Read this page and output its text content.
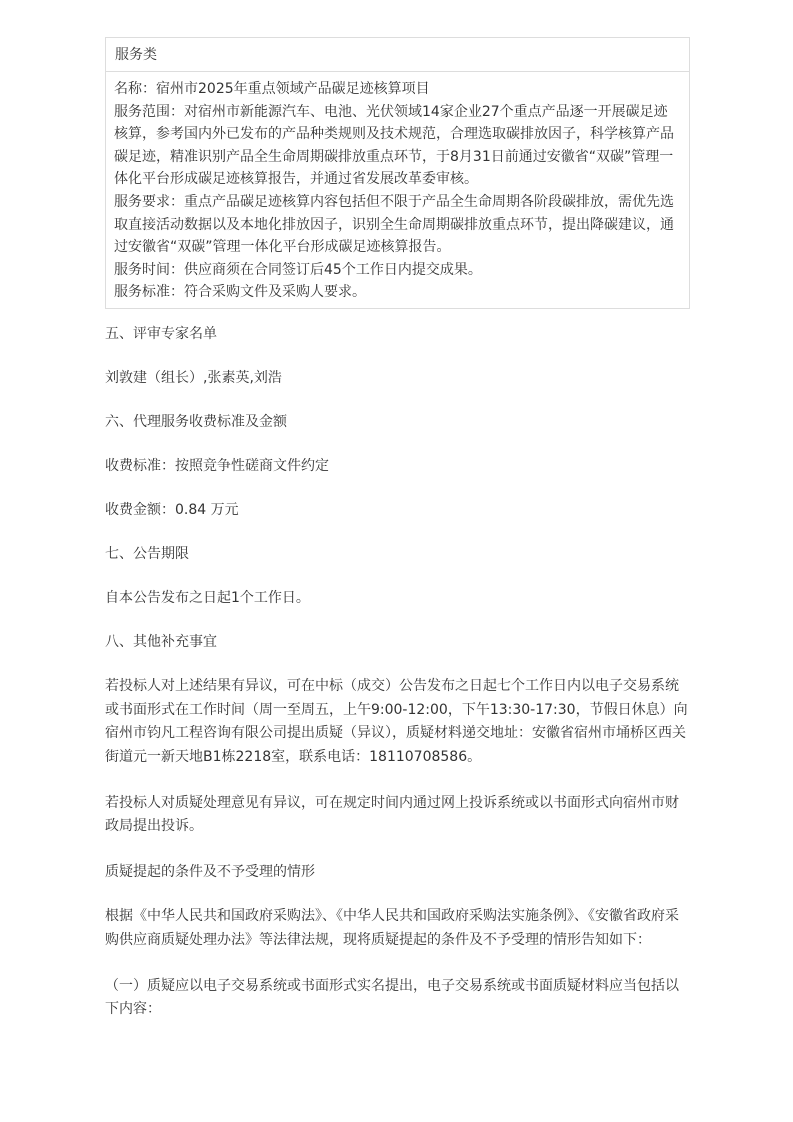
服务类

名称：宿州市2025年重点领域产品碳足迹核算项目

服务范围：对宿州市新能源汽车、电池、光伏领域14家企业27个重点产品逐一开展碳足迹核算，参考国内外已发布的产品种类规则及技术规范，合理选取碳排放因子，科学核算产品碳足迹，精准识别产品全生命周期碳排放重点环节，于8月31日前通过安徽省“双碳”管理一体化平台形成碳足迹核算报告，并通过省发展改革委审核。

服务要求：重点产品碳足迹核算内容包括但不限于产品全生命周期各阶段碳排放，需优先选取直接活动数据以及本地化排放因子，识别全生命周期碳排放重点环节，提出降碳建议，通过安徽省“双碳”管理一体化平台形成碳足迹核算报告。

服务时间：供应商须在合同签订后45个工作日内提交成果。

服务标准：符合采购文件及采购人要求。

五、评审专家名单

刘敦建（组长）,张素英,刘浩

六、代理服务收费标准及金额

收费标准：按照竞争性磋商文件约定

收费金额：0.84 万元

七、公告期限

自本公告发布之日起1个工作日。

八、其他补充事宜

若投标人对上述结果有异议，可在中标（成交）公告发布之日起七个工作日内以电子交易系统或书面形式在工作时间（周一至周五，上午9:00-12:00，下午13:30-17:30，节假日休息）向宿州市钧凡工程咨询有限公司提出质疑（异议），质疑材料递交地址：安徽省宿州市埇桥区西关街道元一新天地B1栋2218室，联系电话：18110708586。

若投标人对质疑处理意见有异议，可在规定时间内通过网上投诉系统或以书面形式向宿州市财政局提出投诉。

质疑提起的条件及不予受理的情形

根据《中华人民共和国政府采购法》、《中华人民共和国政府采购法实施条例》、《安徽省政府采购供应商质疑处理办法》等法律法规，现将质疑提起的条件及不予受理的情形告知如下：

（一）质疑应以电子交易系统或书面形式实名提出，电子交易系统或书面质疑材料应当包括以下内容：
